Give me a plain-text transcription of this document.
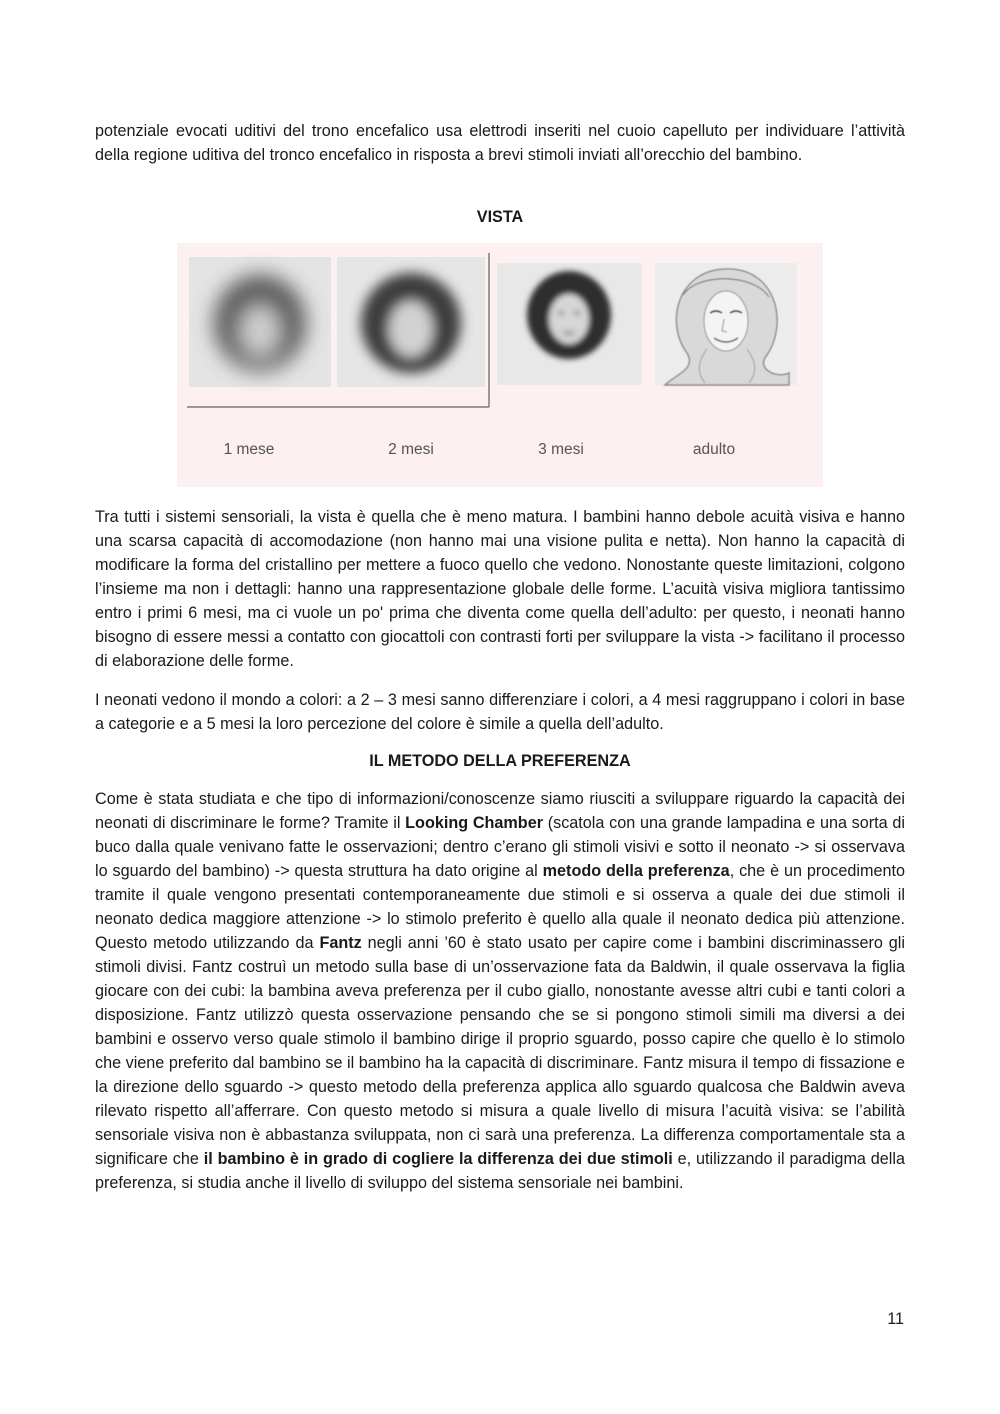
potenziale evocati uditivi del trono encefalico usa elettrodi inseriti nel cuoio capelluto per individuare l’attività della regione uditiva del tronco encefalico in risposta a brevi stimoli inviati all’orecchio del bambino.

VISTA
1 mese	2 mesi	3 mesi	adulto

Tra tutti i sistemi sensoriali, la vista è quella che è meno matura. I bambini hanno debole acuità visiva e hanno una scarsa capacità di accomodazione (non hanno mai una visione pulita e netta). Non hanno la capacità di modificare la forma del cristallino per mettere a fuoco quello che vedono. Nonostante queste limitazioni, colgono l’insieme ma non i dettagli: hanno una rappresentazione globale delle forme. L’acuità visiva migliora tantissimo entro i primi 6 mesi, ma ci vuole un po' prima che diventa come quella dell’adulto: per questo, i neonati hanno bisogno di essere messi a contatto con giocattoli con contrasti forti per sviluppare la vista -> facilitano il processo di elaborazione delle forme.

I neonati vedono il mondo a colori: a 2 – 3 mesi sanno differenziare i colori, a 4 mesi raggruppano i colori in base a categorie e a 5 mesi la loro percezione del colore è simile a quella dell’adulto.

IL METODO DELLA PREFERENZA

Come è stata studiata e che tipo di informazioni/conoscenze siamo riusciti a sviluppare riguardo la capacità dei neonati di discriminare le forme? Tramite il Looking Chamber (scatola con una grande lampadina e una sorta di buco dalla quale venivano fatte le osservazioni; dentro c’erano gli stimoli visivi e sotto il neonato -> si osservava lo sguardo del bambino) -> questa struttura ha dato origine al metodo della preferenza, che è un procedimento tramite il quale vengono presentati contemporaneamente due stimoli e si osserva a quale dei due stimoli il neonato dedica maggiore attenzione -> lo stimolo preferito è quello alla quale il neonato dedica più attenzione. Questo metodo utilizzando da Fantz negli anni ’60 è stato usato per capire come i bambini discriminassero gli stimoli divisi. Fantz costruì un metodo sulla base di un’osservazione fata da Baldwin, il quale osservava la figlia giocare con dei cubi: la bambina aveva preferenza per il cubo giallo, nonostante avesse altri cubi e tanti colori a disposizione. Fantz utilizzò questa osservazione pensando che se si pongono stimoli simili ma diversi a dei bambini e osservo verso quale stimolo il bambino dirige il proprio sguardo, posso capire che quello è lo stimolo che viene preferito dal bambino se il bambino ha la capacità di discriminare. Fantz misura il tempo di fissazione e la direzione dello sguardo -> questo metodo della preferenza applica allo sguardo qualcosa che Baldwin aveva rilevato rispetto all’afferrare. Con questo metodo si misura a quale livello di misura l’acuità visiva: se l’abilità sensoriale visiva non è abbastanza sviluppata, non ci sarà una preferenza. La differenza comportamentale sta a significare che il bambino è in grado di cogliere la differenza dei due stimoli e, utilizzando il paradigma della preferenza, si studia anche il livello di sviluppo del sistema sensoriale nei bambini.

11
